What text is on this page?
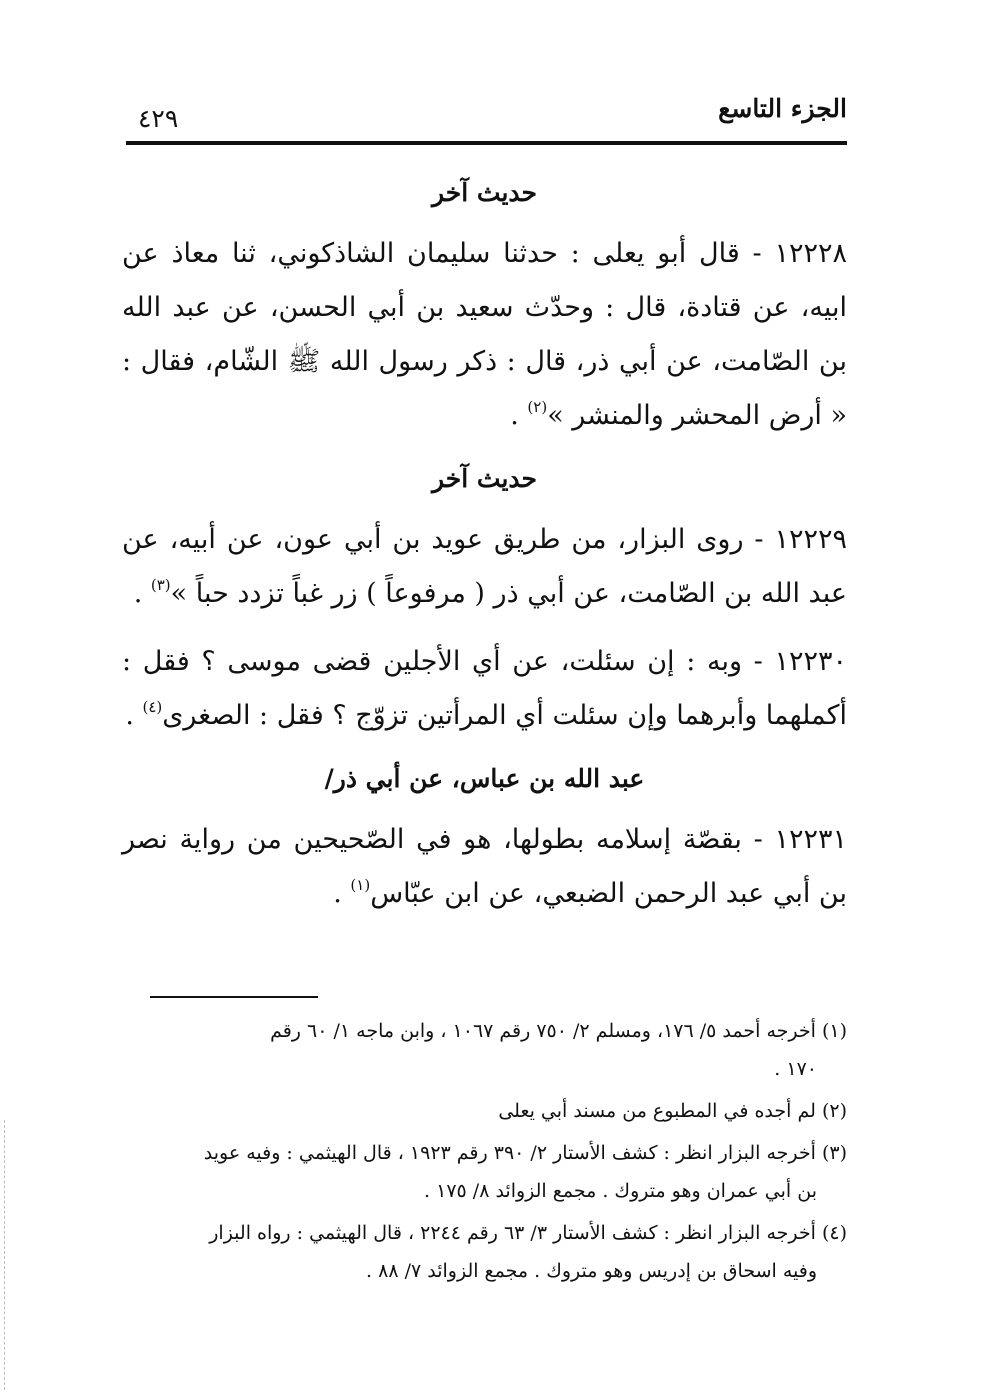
الجزء التاسع
٤٢٩
حديث آخر

١٢٢٢٨ - قال أبو يعلى : حدثنا سليمان الشاذكوني، ثنا معاذ عن ابيه، عن قتادة، قال : وحدّث سعيد بن أبي الحسن، عن عبد الله بن الصّامت، عن أبي ذر، قال : ذكر رسول الله ﷺ الشّام، فقال : « أرض المحشر والمنشر »$^{(٢)}$ .

حديث آخر

١٢٢٢٩ - روى البزار، من طريق عويد بن أبي عون، عن أبيه، عن عبد الله بن الصّامت، عن أبي ذر ( مرفوعاً ) زر غباً تزدد حباً »$^{(٣)}$ .

١٢٢٣٠ - وبه : إن سئلت، عن أي الأجلين قضى موسى ؟ فقل : أكملهما وأبرهما وإن سئلت أي المرأتين تزوّج ؟ فقل : الصغرى$^{(٤)}$ .

عبد الله بن عباس، عن أبي ذر/

١٢٢٣١ - بقصّة إسلامه بطولها، هو في الصّحيحين من رواية نصر بن أبي عبد الرحمن الضبعي، عن ابن عبّاس$^{(١)}$ .

(١) أخرجه أحمد ٥/ ١٧٦، ومسلم ٢/ ٧٥٠ رقم ١٠٦٧ ، وابن ماجه ١/ ٦٠ رقم
١٧٠ .

(٢) لم أجده في المطبوع من مسند أبي يعلى

(٣) أخرجه البزار انظر : كشف الأستار ٢/ ٣٩٠ رقم ١٩٢٣ ، قال الهيثمي : وفيه عويد
بن أبي عمران وهو متروك . مجمع الزوائد ٨/ ١٧٥ .

(٤) أخرجه البزار انظر : كشف الأستار ٣/ ٦٣ رقم ٢٢٤٤ ، قال الهيثمي : رواه البزار
وفيه اسحاق بن إدريس وهو متروك . مجمع الزوائد ٧/ ٨٨ .
